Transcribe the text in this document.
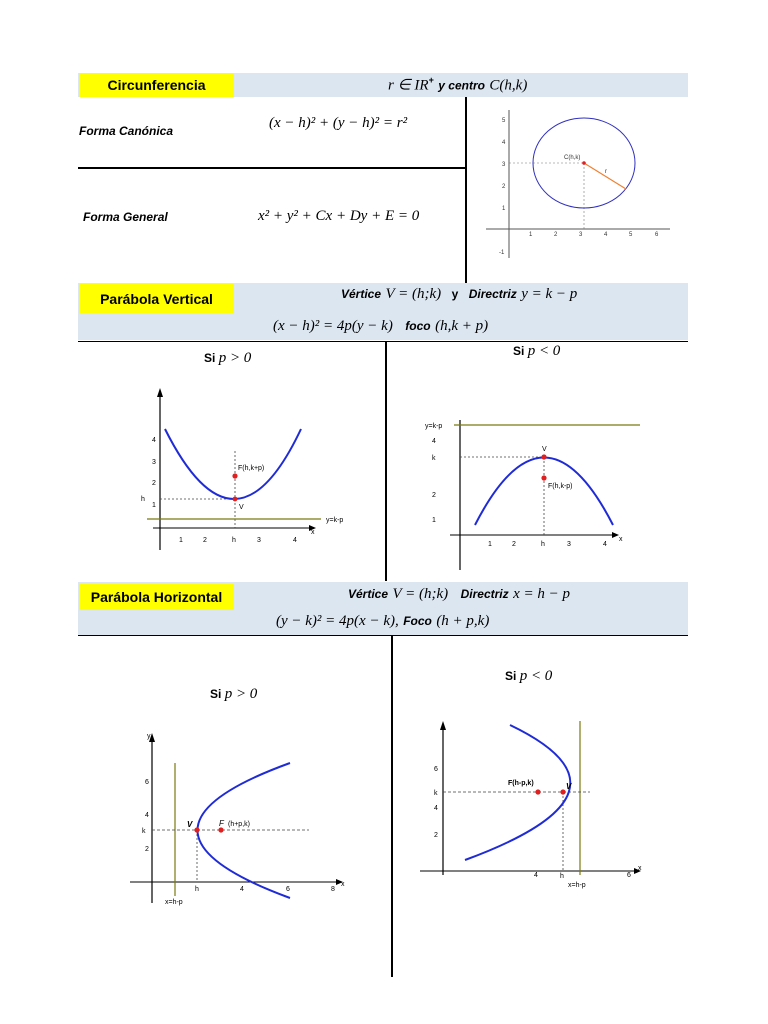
Circunferencia	r ∈ IR+ y centro C(h,k)
Forma Canónica	(x − h)² + (y − h)² = r²
Forma General	x² + y² + Cx + Dy + E = 0
1	2	3	4	5	6
5
4
3
2
1
-1
C(h,k)
r
Parábola Vertical	Vértice V = (h;k) y Directriz y = k − p
(x − h)² = 4p(y − k) foco (h,k + p)
Si p > 0	Si p < 0
x
4
3
2
1
1	2	h	3	4
h
y=k-p
F(h,k+p)
V
x
y=k-p
4
k
2
1
1	2	h	3	4
V
F(h,k-p)
Parábola Horizontal	Vértice V = (h;k) Directriz x = h − p
(y − k)² = 4p(x − k), Foco (h + p,k)
Si p > 0
Si p < 0
y
x
6
4
k
2
h	4	6	8
x=h-p
V	F (h+p,k)
x
6
k
4
2
4	h	6
x=h-p
F(h-p,k)	V
